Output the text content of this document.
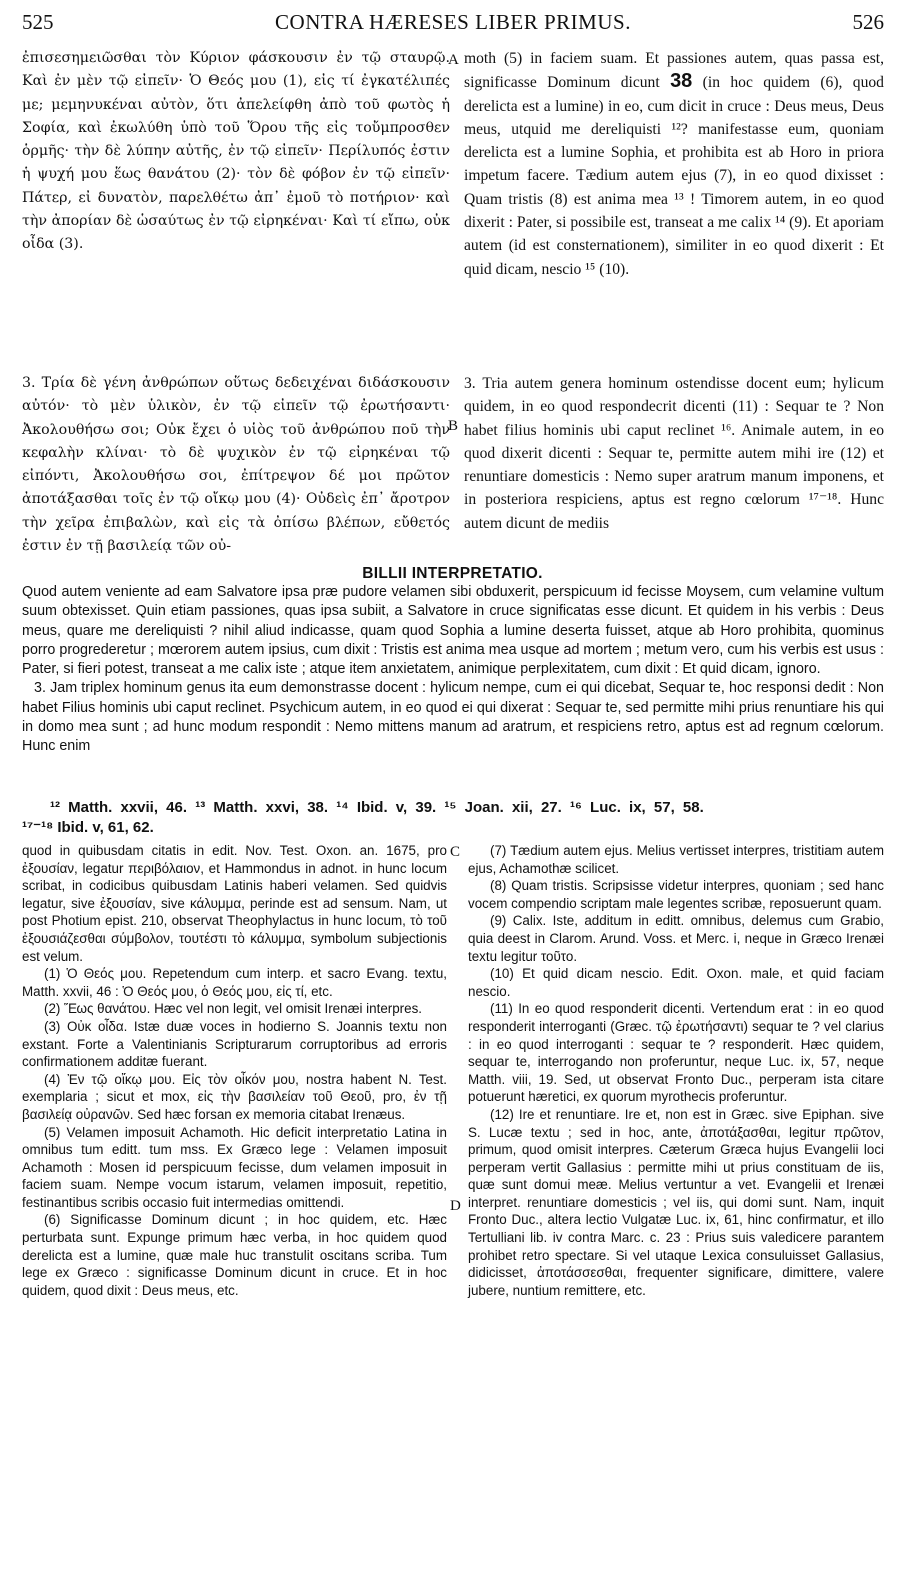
525	CONTRA HÆRESES LIBER PRIMUS.	526
ἐπισεσημειῶσθαι τὸν Κύριον φάσκουσιν ἐν τῷ σταυρῷ. Καὶ ἐν μὲν τῷ εἰπεῖν· Ὁ Θεός μου (1), εἰς τί ἐγκατέλιπές με; μεμηνυκέναι αὐτὸν, ὅτι ἀπελείφθη ἀπὸ τοῦ φωτὸς ἡ Σοφία, καὶ ἐκωλύθη ὑπὸ τοῦ Ὅρου τῆς εἰς τοὔμπροσθεν ὁρμῆς· τὴν δὲ λύπην αὐτῆς, ἐν τῷ εἰπεῖν· Περίλυπός ἐστιν ἡ ψυχή μου ἕως θανάτου (2)· τὸν δὲ φόβον ἐν τῷ εἰπεῖν· Πάτερ, εἰ δυνατὸν, παρελθέτω ἀπ᾽ ἐμοῦ τὸ ποτήριον· καὶ τὴν ἀπορίαν δὲ ὡσαύτως ἐν τῷ εἰρηκέναι· Καὶ τί εἴπω, οὐκ οἶδα (3).
A moth (5) in faciem suam. Et passiones autem, quas passa est, significasse Dominum dicunt 38 (in hoc quidem (6), quod derelicta est a lumine) in eo, cum dicit in cruce : Deus meus, Deus meus, utquid me dereliquisti ¹²? manifestasse eum, quoniam derelicta est a lumine Sophia, et prohibita est ab Horo in priora impetum facere. Tædium autem ejus (7), in eo quod dixisset : Quam tristis (8) est anima mea ¹³ ! Timorem autem, in eo quod dixerit : Pater, si possibile est, transeat a me calix ¹⁴ (9). Et aporiam autem (id est consternationem), similiter in eo quod dixerit : Et quid dicam, nescio ¹⁵ (10).
3. Τρία δὲ γένη ἀνθρώπων οὕτως δεδειχέναι διδάσκουσιν αὐτόν· τὸ μὲν ὑλικὸν, ἐν τῷ εἰπεῖν τῷ ἐρωτήσαντι· Ἀκολουθήσω σοι; Οὐκ ἔχει ὁ υἱὸς τοῦ ἀνθρώπου ποῦ τὴν κεφαλὴν κλίναι· τὸ δὲ ψυχικὸν ἐν τῷ εἰρηκέναι τῷ εἰπόντι, Ἀκολουθήσω σοι, ἐπίτρεψον δέ μοι πρῶτον ἀποτάξασθαι τοῖς ἐν τῷ οἴκῳ μου (4)· Οὐδεὶς ἐπ᾽ ἄροτρον τὴν χεῖρα ἐπιβαλὼν, καὶ εἰς τὰ ὀπίσω βλέπων, εὔθετός ἐστιν ἐν τῇ βασιλείᾳ τῶν οὐ-
B
3. Tria autem genera hominum ostendisse docent eum; hylicum quidem, in eo quod respondecrit dicenti (11) : Sequar te ? Non habet filius hominis ubi caput reclinet ¹⁶. Animale autem, in eo quod dixerit dicenti : Sequar te, permitte autem mihi ire (12) et renuntiare domesticis : Nemo super aratrum manum imponens, et in posteriora respiciens, aptus est regno cœlorum ¹⁷⁻¹⁸. Hunc autem dicunt de mediis
BILLII INTERPRETATIO.

Quod autem veniente ad eam Salvatore ipsa præ pudore velamen sibi obduxerit, perspicuum id fecisse Moysem, cum velamine vultum suum obtexisset. Quin etiam passiones, quas ipsa subiit, a Salvatore in cruce significatas esse dicunt. Et quidem in his verbis : Deus meus, quare me dereliquisti ? nihil aliud indicasse, quam quod Sophia a lumine deserta fuisset, atque ab Horo prohibita, quominus porro progrederetur ; mœrorem autem ipsius, cum dixit : Tristis est anima mea usque ad mortem ; metum vero, cum his verbis est usus : Pater, si fieri potest, transeat a me calix iste ; atque item anxietatem, animique perplexitatem, cum dixit : Et quid dicam, ignoro.

3. Jam triplex hominum genus ita eum demonstrasse docent : hylicum nempe, cum ei qui dicebat, Sequar te, hoc responsi dedit : Non habet Filius hominis ubi caput reclinet. Psychicum autem, in eo quod ei qui dixerat : Sequar te, sed permitte mihi prius renuntiare his qui in domo mea sunt ; ad hunc modum respondit : Nemo mittens manum ad aratrum, et respiciens retro, aptus est ad regnum cœlorum. Hunc enim

¹² Matth. xxvii, 46. ¹³ Matth. xxvi, 38. ¹⁴ Ibid. v, 39. ¹⁵ Joan. xii, 27. ¹⁶ Luc. ix, 57, 58.
¹⁷⁻¹⁸ Ibid. v, 61, 62.
C
D

quod in quibusdam citatis in edit. Nov. Test. Oxon. an. 1675, pro ἐξουσίαν, legatur περιβόλαιον, et Hammondus in adnot. in hunc locum scribat, in codicibus quibusdam Latinis haberi velamen. Sed quidvis legatur, sive ἐξουσίαν, sive κάλυμμα, perinde est ad sensum. Nam, ut post Photium epist. 210, observat Theophylactus in hunc locum, τὸ τοῦ ἐξουσιάζεσθαι σύμβολον, τουτέστι τὸ κάλυμμα, symbolum subjectionis est velum.

(1) Ὁ Θεός μου. Repetendum cum interp. et sacro Evang. textu, Matth. xxvii, 46 : Ὁ Θεός μου, ὁ Θεός μου, εἰς τί, etc.

(2) Ἕως θανάτου. Hæc vel non legit, vel omisit Irenæi interpres.

(3) Οὐκ οἶδα. Istæ duæ voces in hodierno S. Joannis textu non exstant. Forte a Valentinianis Scripturarum corruptoribus ad erroris confirmationem additæ fuerant.

(4) Ἐν τῷ οἴκῳ μου. Εἰς τὸν οἶκόν μου, nostra habent N. Test. exemplaria ; sicut et mox, εἰς τὴν βασιλείαν τοῦ Θεοῦ, pro, ἐν τῇ βασιλείᾳ οὐρανῶν. Sed hæc forsan ex memoria citabat Irenæus.

(5) Velamen imposuit Achamoth. Hic deficit interpretatio Latina in omnibus tum editt. tum mss. Ex Græco lege : Velamen imposuit Achamoth : Mosen id perspicuum fecisse, dum velamen imposuit in faciem suam. Nempe vocum istarum, velamen imposuit, repetitio, festinantibus scribis occasio fuit intermedias omittendi.

(6) Significasse Dominum dicunt ; in hoc quidem, etc. Hæc perturbata sunt. Expunge primum hæc verba, in hoc quidem quod derelicta est a lumine, quæ male huc transtulit oscitans scriba. Tum lege ex Græco : significasse Dominum dicunt in cruce. Et in hoc quidem, quod dixit : Deus meus, etc.

(7) Tædium autem ejus. Melius vertisset interpres, tristitiam autem ejus, Achamothæ scilicet.

(8) Quam tristis. Scripsisse videtur interpres, quoniam ; sed hanc vocem compendio scriptam male legentes scribæ, reposuerunt quam.

(9) Calix. Iste, additum in editt. omnibus, delemus cum Grabio, quia deest in Clarom. Arund. Voss. et Merc. i, neque in Græco Irenæi textu legitur τοῦτο.

(10) Et quid dicam nescio. Edit. Oxon. male, et quid faciam nescio.

(11) In eo quod responderit dicenti. Vertendum erat : in eo quod responderit interroganti (Græc. τῷ ἐρωτήσαντι) sequar te ? vel clarius : in eo quod interroganti : sequar te ? responderit. Hæc quidem, sequar te, interrogando non proferuntur, neque Luc. ix, 57, neque Matth. viii, 19. Sed, ut observat Fronto Duc., perperam ista citare potuerunt hæretici, ex quorum myrothecis proferuntur.

(12) Ire et renuntiare. Ire et, non est in Græc. sive Epiphan. sive S. Lucæ textu ; sed in hoc, ante, ἀποτάξασθαι, legitur πρῶτον, primum, quod omisit interpres. Cæterum Græca hujus Evangelii loci perperam vertit Gallasius : permitte mihi ut prius constituam de iis, quæ sunt domui meæ. Melius vertuntur a vet. Evangelii et Irenæi interpret. renuntiare domesticis ; vel iis, qui domi sunt. Nam, inquit Fronto Duc., altera lectio Vulgatæ Luc. ix, 61, hinc confirmatur, et illo Tertulliani lib. iv contra Marc. c. 23 : Prius suis valedicere parantem prohibet retro spectare. Si vel utaque Lexica consuluisset Gallasius, didicisset, ἀποτάσσεσθαι, frequenter significare, dimittere, valere jubere, nuntium remittere, etc.
